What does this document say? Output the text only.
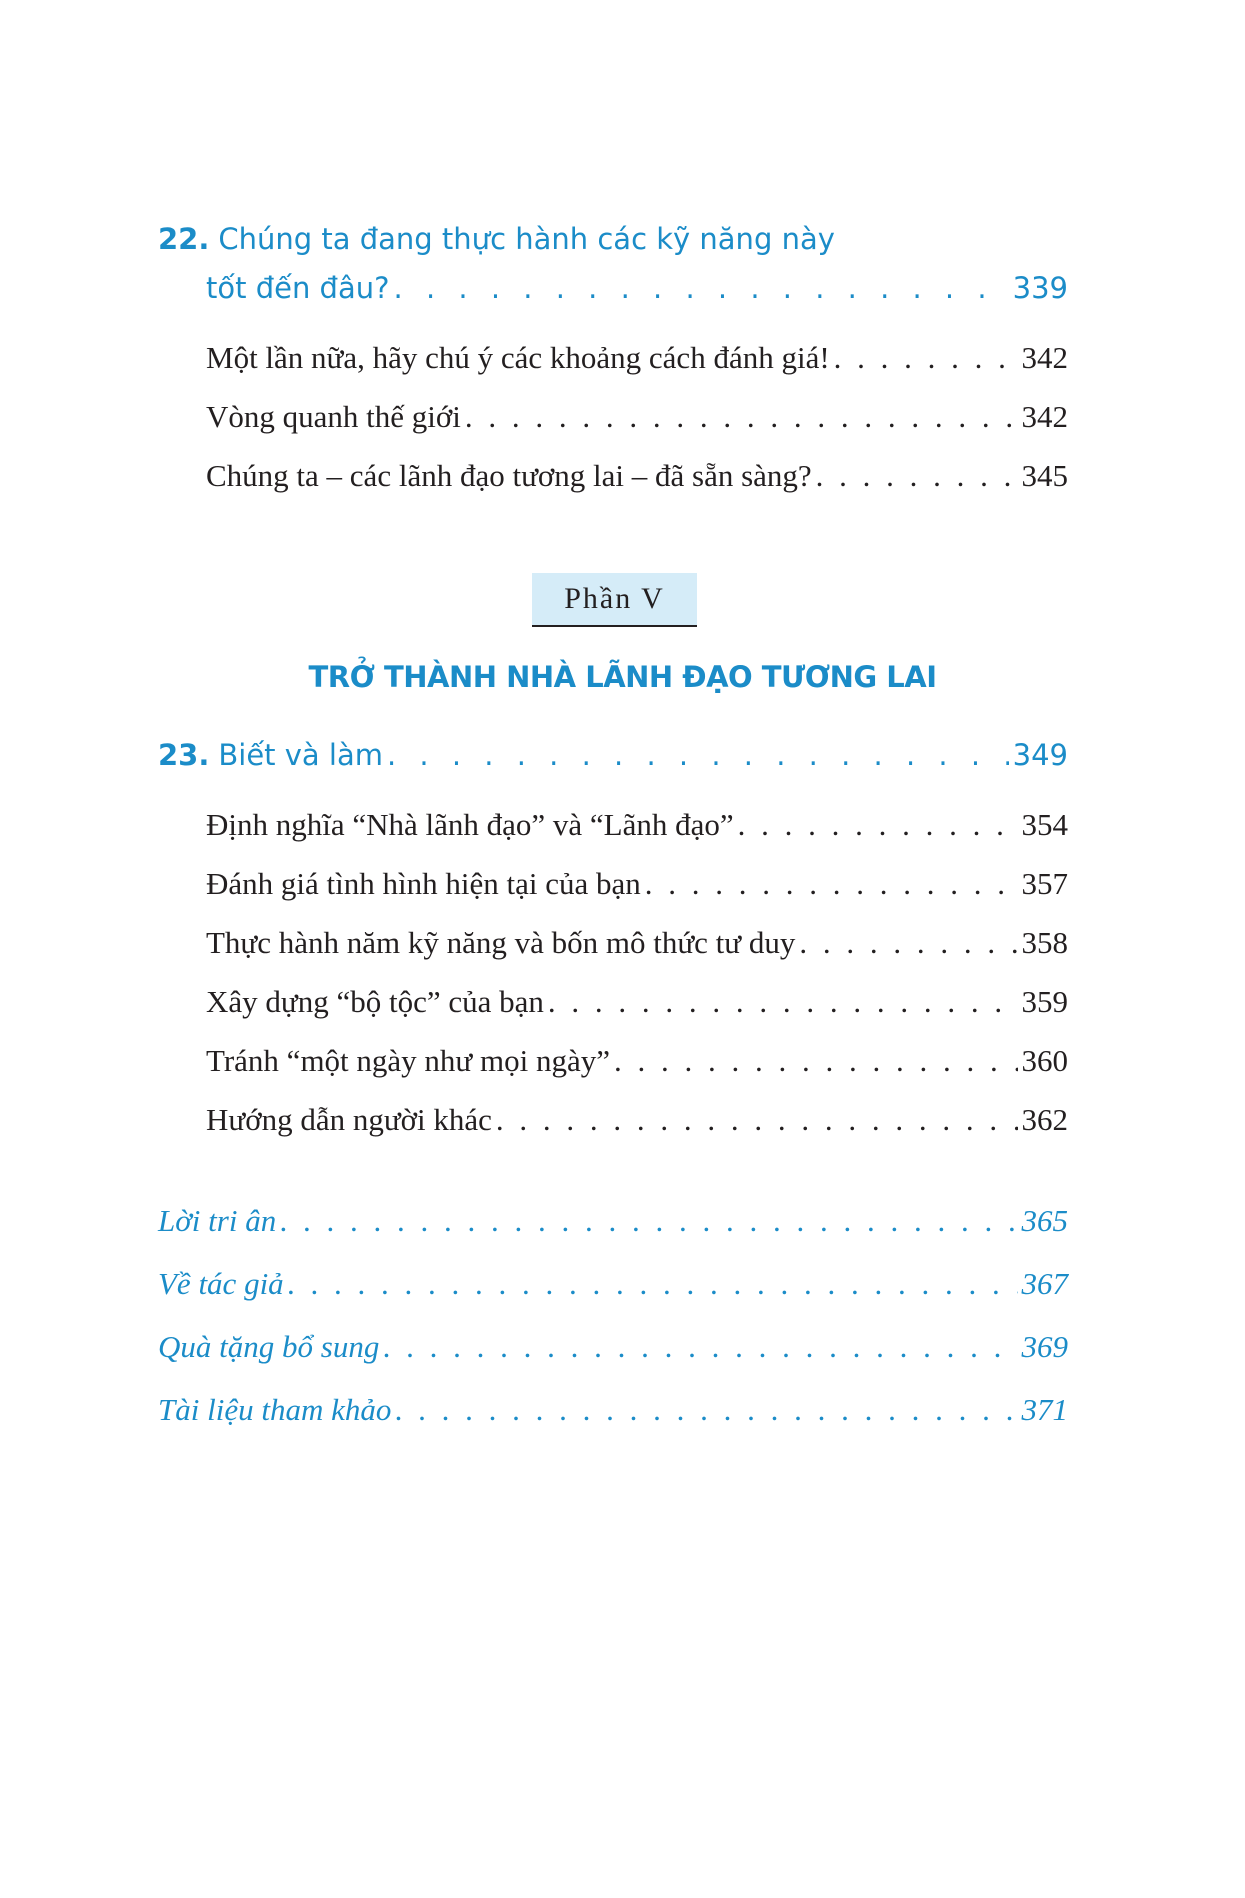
22. Chúng ta đang thực hành các kỹ năng này
tốt đến đâu? . . .	339
Một lần nữa, hãy chú ý các khoảng cách đánh giá! . . .	342
Vòng quanh thế giới . . .	342
Chúng ta – các lãnh đạo tương lai – đã sẵn sàng? . . .	345
Phần V
TRỞ THÀNH NHÀ LÃNH ĐẠO TƯƠNG LAI
23. Biết và làm . . .	349
Định nghĩa “Nhà lãnh đạo” và “Lãnh đạo” . . .	354
Đánh giá tình hình hiện tại của bạn . . .	357
Thực hành năm kỹ năng và bốn mô thức tư duy . . .	358
Xây dựng “bộ tộc” của bạn . . .	359
Tránh “một ngày như mọi ngày” . . .	360
Hướng dẫn người khác . . .	362
Lời tri ân . . .	365
Về tác giả . . .	367
Quà tặng bổ sung . . .	369
Tài liệu tham khảo . . .	371
